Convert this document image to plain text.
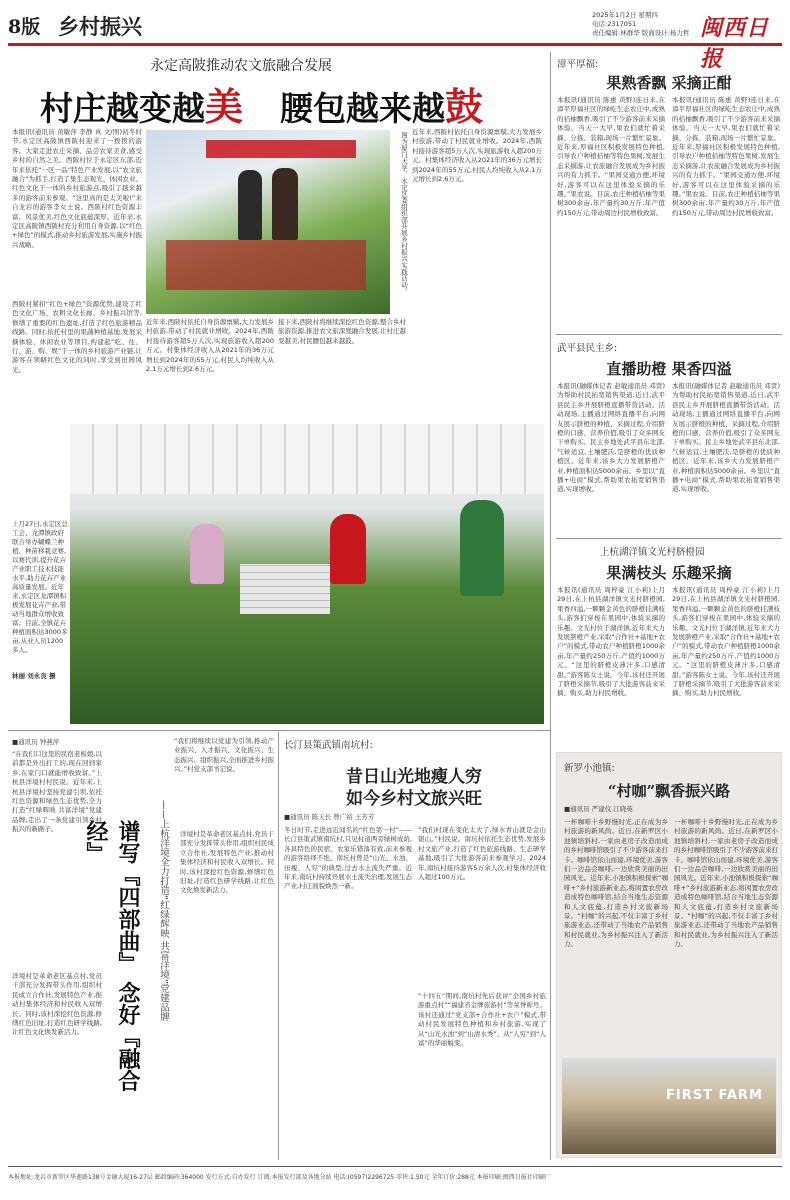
8版 乡村振兴	2025年1月2日 星期四
电话:2317051
责任编辑:林群华 版面设计:杨力哲 闽西日报
永定高陂推动农文旅融合发展
村庄越变越美 腰包越来越鼓
本报讯(通讯员 黄敏萍 李静 真 文/图)初冬时节,永定区高陂镇西陂村迎来了一拨拨的游客。大家走进农庄采摘、品尝农家美食,感受乡村的自然之美。西陂村位于永定区东部,近年来依托“一区一品”特色产业发展,以“农文旅融合”为抓手,打造了集生态观光、休闲农业、红色文化于一体的乡村旅游点,吸引了越来越多的游客前来参观。“这里真的是太美啦!”来自龙岩的游客李女士说。西陂村红色资源丰富、风景优美,红色文化底蕴深厚。近年来,永定区高陂镇西陂村充分利用自身资源,以“红色+绿色”的模式,推动乡村旅游发展,实施乡村振兴战略。	图为厦门大学、永定区委组织部开展乡村振兴实践活动。
西陂村紧扣“红色+绿色”资源优势,建设了红色文化广场、农耕文化长廊、乡村振兴馆等,修缮了重要的红色遗址,打造了红色旅游精品线路。同时,依托村里的果蔬种植基地,发展采摘体验、休闲农业等项目,构建起“吃、住、行、游、购、娱”于一体的乡村旅游产业链,让游客在领略红色文化的同时,享受到田园风光。
近年来,西陂村依托自身资源禀赋,大力发展乡村旅游,带动了村民就业增收。2024年,西陂村接待游客超5万人次,实现旅游收入超200万元。村集体经济收入从2021年的36万元增长到2024年的55万元,村民人均纯收入从2.1万元增长到2.6万元。
接下来,西陂村将继续深挖红色资源,整合乡村旅游资源,推进农文旅深度融合发展,让村庄越变越美,村民腰包越来越鼓。
近年来,西陂村依托自身资源禀赋,大力发展乡村旅游,带动了村民就业增收。2024年,西陂村接待游客超5万人次,实现旅游收入超200万元。村集体经济收入从2021年的36万元增长到2024年的55万元,村民人均纯收入从2.1万元增长到2.6万元。
漳平厚福:
果熟香飘 采摘正酣
本报讯(通讯员 陈惠 黄野)连日来,在漳平厚福社区的绿屹生态农庄中,成熟的桔柚飘香,吸引了不少游客前来采摘体验。当天一大早,果农们就忙着采摘、分拣、装箱,现场一片繁忙景象。近年来,厚福社区积极发展特色种植,引导农户种植桔柚等特色果树,发展生态采摘游,让农旅融合发展成为乡村振兴的有力抓手。“果园交通方便,环境好,游客可以在这里体验采摘的乐趣。”果农说。目前,农庄种植桔柚等果树300余亩,年产量约30万斤,年产值约150万元,带动周边村民增收致富。
本报讯(通讯员 陈惠 黄野)连日来,在漳平厚福社区的绿屹生态农庄中,成熟的桔柚飘香,吸引了不少游客前来采摘体验。当天一大早,果农们就忙着采摘、分拣、装箱,现场一片繁忙景象。近年来,厚福社区积极发展特色种植,引导农户种植桔柚等特色果树,发展生态采摘游,让农旅融合发展成为乡村振兴的有力抓手。“果园交通方便,环境好,游客可以在这里体验采摘的乐趣。”果农说。目前,农庄种植桔柚等果树300余亩,年产量约30万斤,年产值约150万元,带动周边村民增收致富。
武平县民主乡:
直播助橙 果香四溢
本报讯(融媒体记者 赵敏通讯员 邓贤)为帮助村民拓宽销售渠道,近日,武平县民主乡开展脐橙直播带货活动。活动现场,主播通过网络直播平台,向网友展示脐橙的种植、采摘过程,介绍脐橙的口感、营养价值,吸引了众多网友下单购买。民主乡地处武平县东北部,气候适宜,土壤肥沃,是脐橙的优质种植区。近年来,该乡大力发展脐橙产业,种植面积达5000余亩。乡里以“直播+电商”模式,帮助果农拓宽销售渠道,实现增收。
本报讯(融媒体记者 赵敏通讯员 邓贤)为帮助村民拓宽销售渠道,近日,武平县民主乡开展脐橙直播带货活动。活动现场,主播通过网络直播平台,向网友展示脐橙的种植、采摘过程,介绍脐橙的口感、营养价值,吸引了众多网友下单购买。民主乡地处武平县东北部,气候适宜,土壤肥沃,是脐橙的优质种植区。近年来,该乡大力发展脐橙产业,种植面积达5000余亩。乡里以“直播+电商”模式,帮助果农拓宽销售渠道,实现增收。
上杭湖洋镇文光村脐橙园
果满枝头 乐趣采摘
本报讯(通讯员 周梓豪 江小莉)上月29日,在上杭县湖洋镇文光村脐橙园,果香四溢,一颗颗金黄色的脐橙挂满枝头,游客们穿梭在果园中,体验采摘的乐趣。文光村位于湖洋镇,近年来大力发展脐橙产业,采取“合作社+基地+农户”的模式,带动农户种植脐橙1000余亩,年产量约250万斤,产值约1000万元。“这里的脐橙皮薄汁多,口感清甜。”游客陈女士说。今年,该村还开展了脐橙采摘节,吸引了大批游客前来采摘、购买,助力村民增收。
本报讯(通讯员 周梓豪 江小莉)上月29日,在上杭县湖洋镇文光村脐橙园,果香四溢,一颗颗金黄色的脐橙挂满枝头,游客们穿梭在果园中,体验采摘的乐趣。文光村位于湖洋镇,近年来大力发展脐橙产业,采取“合作社+基地+农户”的模式,带动农户种植脐橙1000余亩,年产量约250万斤,产值约1000万元。“这里的脐橙皮薄汁多,口感清甜。”游客陈女士说。今年,该村还开展了脐橙采摘节,吸引了大批游客前来采摘、购买,助力村民增收。
上月27日,永定区总工会、龙潭镇政府联合举办蝴蝶兰种植、种苗移栽竞赛,以赛代训,提升花卉产业职工技术技能水平,助力花卉产业高质量发展。近年来,永定区龙潭镇积极发展花卉产业,带动当地群众增收致富。目前,全镇花卉种植面积达3000多亩,从业人员1200多人。
林丽 刘永良 摄
■通讯员 钟燕萍
“在我们口这里的民宿老板娘,以前都是外出打工的,现在回到家乡,在家门口就能增收致富。”上杭县洋境村村民说。近年来,上杭县洋境村坚持党建引领,依托红色资源和绿色生态优势,全力打造“红绿辉映 共富洋境”党建品牌,走出了一条党建引领乡村振兴的新路子。
洋境村是革命老区基点村,党员干部充分发挥带头作用,组织村民成立合作社,发展特色产业,推动村集体经济和村民收入双增长。同时,该村深挖红色资源,修缮红色旧址,打造红色研学线路,让红色文化焕发新活力。	谱写『四部曲』 念好『融合经』	——上杭洋境全力打造“红绿辉映 共富洋境”党建品牌
“我们将继续以党建为引领,推动产业振兴、人才振兴、文化振兴、生态振兴、组织振兴,全面推进乡村振兴。”村党支部书记说。
洋境村是革命老区基点村,党员干部充分发挥带头作用,组织村民成立合作社,发展特色产业,推动村集体经济和村民收入双增长。同时,该村深挖红色资源,修缮红色旧址,打造红色研学线路,让红色文化焕发新活力。
长汀县策武镇南坑村:
昔日山光地瘦人穷
如今乡村文旅兴旺
■通讯员 陈天长 曾广裕 王芳芳
冬日时节,走进远近闻名的“红色第一村”——长汀县策武镇南坑村,只见村道两旁绿树成荫,各具特色的民宿、农家乐错落有致,前来参观的游客络绎不绝。南坑村曾是“山光、水浊、田瘦、人穷”的典型,过去水土流失严重。近年来,南坑村持续开展水土流失治理,发展生态产业,村庄面貌焕然一新。
“我们村现在变化太大了,绿水青山就是金山银山。”村民说。南坑村依托生态优势,发展乡村文旅产业,打造了红色旅游线路、生态研学基地,吸引了大批游客前来参观学习。2024年,南坑村接待游客5万余人次,村集体经济收入超过100万元。
“十四五”期间,南坑村先后获评“全国乡村旅游重点村”“福建省金牌旅游村”等荣誉称号。该村还通过“党支部+合作社+农户”模式,带动村民发展特色种植和乡村旅游,实现了从“山光水浊”到“山清水秀”、从“人穷”到“人富”的华丽蜕变。
新罗小池镇:
“村咖”飘香振兴路
■通讯员 严建仪 江晓英
一杯咖啡十乡野慢时光,正在成为乡村旅游的新风尚。近日,在新罗区小池镇培斜村,一家由老房子改造而成的乡村咖啡馆吸引了不少游客前来打卡。咖啡馆依山而建,环境优美,游客们一边品尝咖啡,一边欣赏美丽的田园风光。近年来,小池镇积极探索“咖啡+”乡村旅游新业态,将闲置农房改造成特色咖啡馆,结合当地生态资源和人文底蕴,打造乡村文旅新场景。“村咖”的兴起,不仅丰富了乡村旅游业态,还带动了当地农产品销售和村民就业,为乡村振兴注入了新活力。
一杯咖啡十乡野慢时光,正在成为乡村旅游的新风尚。近日,在新罗区小池镇培斜村,一家由老房子改造而成的乡村咖啡馆吸引了不少游客前来打卡。咖啡馆依山而建,环境优美,游客们一边品尝咖啡,一边欣赏美丽的田园风光。近年来,小池镇积极探索“咖啡+”乡村旅游新业态,将闲置农房改造成特色咖啡馆,结合当地生态资源和人文底蕴,打造乡村文旅新场景。“村咖”的兴起,不仅丰富了乡村旅游业态,还带动了当地农产品销售和村民就业,为乡村振兴注入了新活力。
FIRST FARM
本报地址:龙岩市新罗区华莲路138号金融大厦16-27层 邮政编码:364000 发行方式:自办发行 订阅:本报发行部及各地分站 电话:(0597)2296725 零售:1.50元 全年订价:288元 本报印刷:闽西日报社印刷厂
